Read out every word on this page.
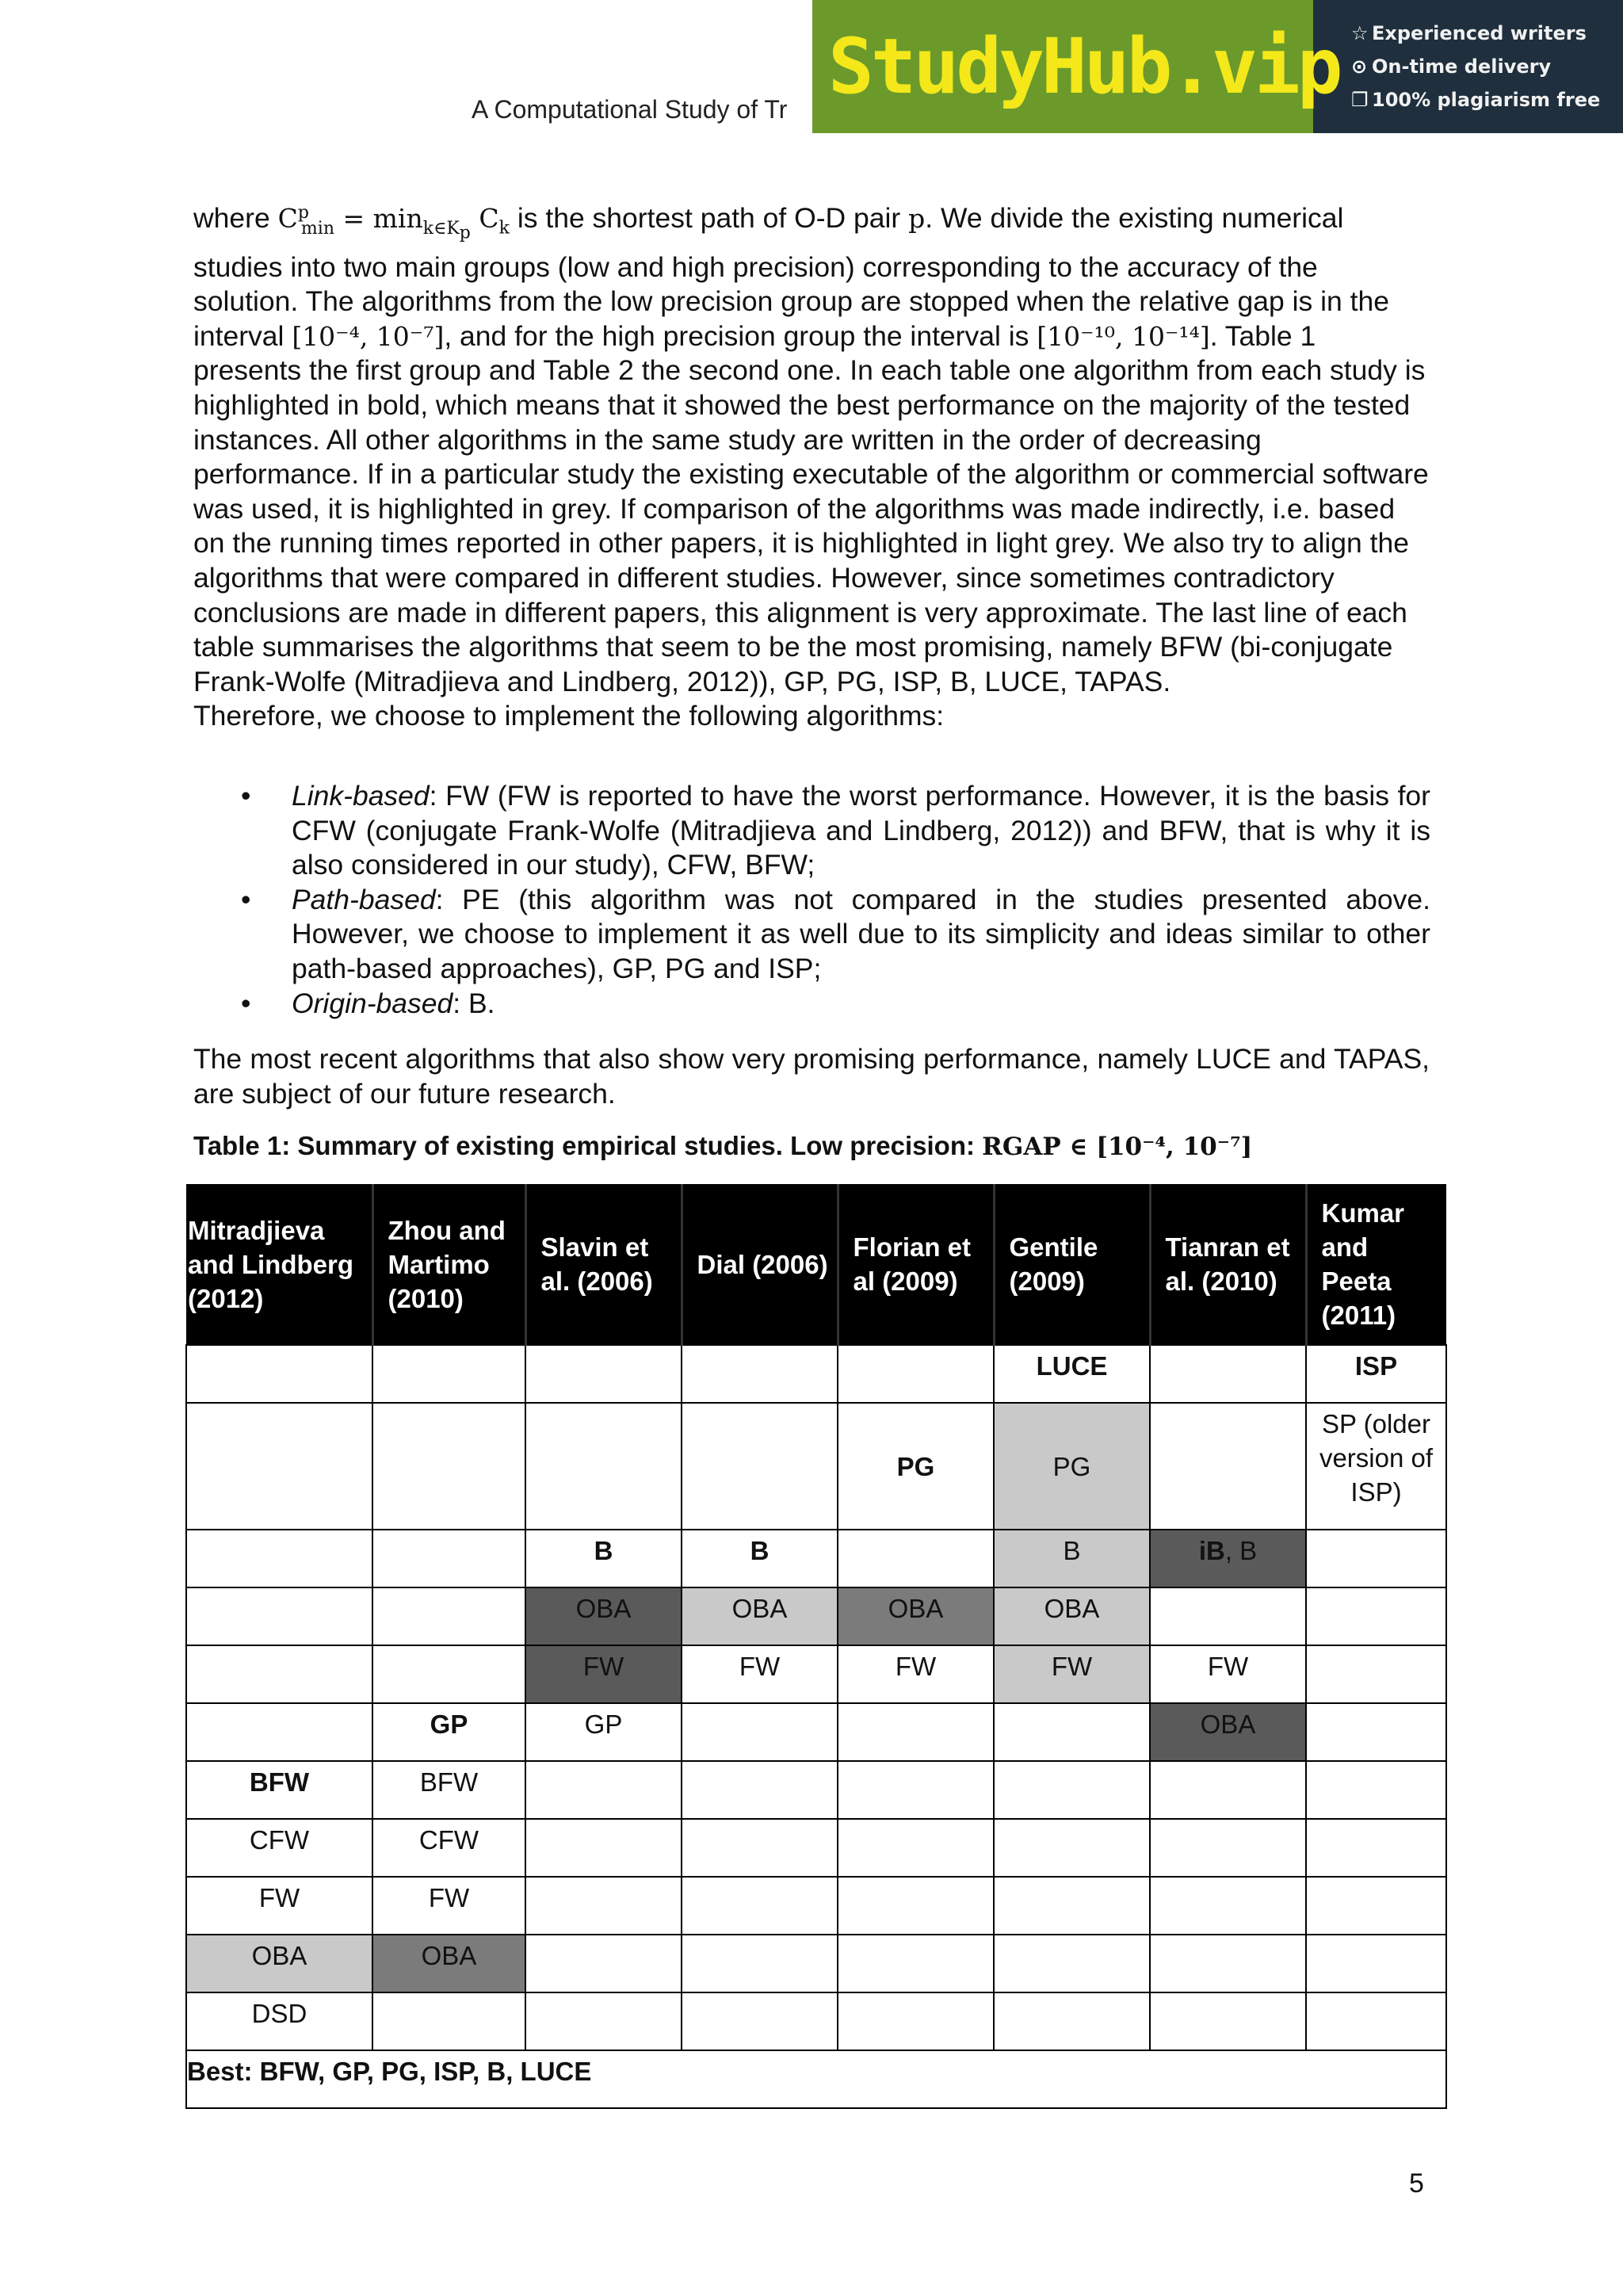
A Computational Study of Tr StudyHub.vip ☆ Experienced writers
⊙ On-time delivery
❐ 100% plagiarism free
where $C^p_{min} = \min_{k\in K_p} C_k$ is the shortest path of O-D pair p. We divide the existing numerical studies into two main groups (low and high precision) corresponding to the accuracy of the solution. The algorithms from the low precision group are stopped when the relative gap is in the interval [10⁻⁴, 10⁻⁷], and for the high precision group the interval is [10⁻¹⁰, 10⁻¹⁴]. Table 1 presents the first group and Table 2 the second one. In each table one algorithm from each study is highlighted in bold, which means that it showed the best performance on the majority of the tested instances. All other algorithms in the same study are written in the order of decreasing performance. If in a particular study the existing executable of the algorithm or commercial software was used, it is highlighted in grey. If comparison of the algorithms was made indirectly, i.e. based on the running times reported in other papers, it is highlighted in light grey. We also try to align the algorithms that were compared in different studies. However, since sometimes contradictory conclusions are made in different papers, this alignment is very approximate. The last line of each table summarises the algorithms that seem to be the most promising, namely BFW (bi-conjugate Frank-Wolfe (Mitradjieva and Lindberg, 2012)), GP, PG, ISP, B, LUCE, TAPAS.
Therefore, we choose to implement the following algorithms:
• Link-based: FW (FW is reported to have the worst performance. However, it is the basis for CFW (conjugate Frank-Wolfe (Mitradjieva and Lindberg, 2012)) and BFW, that is why it is also considered in our study), CFW, BFW;
• Path-based: PE (this algorithm was not compared in the studies presented above. However, we choose to implement it as well due to its simplicity and ideas similar to other path-based approaches), GP, PG and ISP;
• Origin-based: B.
The most recent algorithms that also show very promising performance, namely LUCE and TAPAS, are subject of our future research.
Table 1: Summary of existing empirical studies. Low precision: RGAP ∈ [10⁻⁴, 10⁻⁷]
Mitradjieva and Lindberg (2012)	Zhou and Martimo (2010)	Slavin et al. (2006)	Dial (2006)	Florian et al (2009)	Gentile (2009)	Tianran et al. (2010)	Kumar and Peeta (2011)
					LUCE		ISP
				PG	PG		SP (older version of ISP)
		B	B		B	iB, B	
		OBA	OBA	OBA	OBA		
		FW	FW	FW	FW	FW	
	GP	GP				OBA	
BFW	BFW						
CFW	CFW						
FW	FW						
OBA	OBA						
DSD							
Best: BFW, GP, PG, ISP, B, LUCE							
5
